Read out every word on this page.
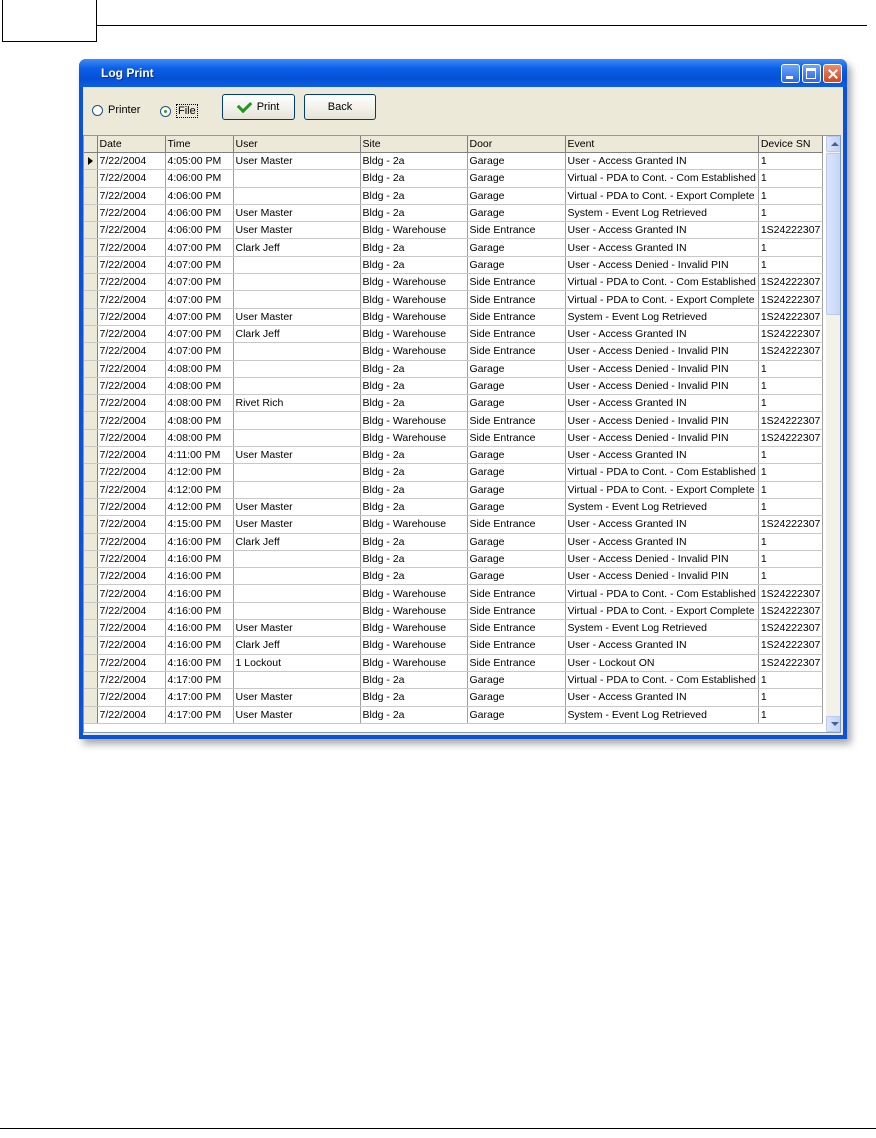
Log Print
Printer	File	Print	Back
	Date	Time	User	Site	Door	Event	Device SN

	7/22/2004	4:05:00 PM	User Master	Bldg - 2a	Garage	User - Access Granted IN	1
	7/22/2004	4:06:00 PM		Bldg - 2a	Garage	Virtual - PDA to Cont. - Com Established	1
	7/22/2004	4:06:00 PM		Bldg - 2a	Garage	Virtual - PDA to Cont. - Export Complete	1
	7/22/2004	4:06:00 PM	User Master	Bldg - 2a	Garage	System - Event Log Retrieved	1
	7/22/2004	4:06:00 PM	User Master	Bldg - Warehouse	Side Entrance	User - Access Granted IN	1S24222307
	7/22/2004	4:07:00 PM	Clark Jeff	Bldg - 2a	Garage	User - Access Granted IN	1
	7/22/2004	4:07:00 PM		Bldg - 2a	Garage	User - Access Denied - Invalid PIN	1
	7/22/2004	4:07:00 PM		Bldg - Warehouse	Side Entrance	Virtual - PDA to Cont. - Com Established	1S24222307
	7/22/2004	4:07:00 PM		Bldg - Warehouse	Side Entrance	Virtual - PDA to Cont. - Export Complete	1S24222307
	7/22/2004	4:07:00 PM	User Master	Bldg - Warehouse	Side Entrance	System - Event Log Retrieved	1S24222307
	7/22/2004	4:07:00 PM	Clark Jeff	Bldg - Warehouse	Side Entrance	User - Access Granted IN	1S24222307
	7/22/2004	4:07:00 PM		Bldg - Warehouse	Side Entrance	User - Access Denied - Invalid PIN	1S24222307
	7/22/2004	4:08:00 PM		Bldg - 2a	Garage	User - Access Denied - Invalid PIN	1
	7/22/2004	4:08:00 PM		Bldg - 2a	Garage	User - Access Denied - Invalid PIN	1
	7/22/2004	4:08:00 PM	Rivet Rich	Bldg - 2a	Garage	User - Access Granted IN	1
	7/22/2004	4:08:00 PM		Bldg - Warehouse	Side Entrance	User - Access Denied - Invalid PIN	1S24222307
	7/22/2004	4:08:00 PM		Bldg - Warehouse	Side Entrance	User - Access Denied - Invalid PIN	1S24222307
	7/22/2004	4:11:00 PM	User Master	Bldg - 2a	Garage	User - Access Granted IN	1
	7/22/2004	4:12:00 PM		Bldg - 2a	Garage	Virtual - PDA to Cont. - Com Established	1
	7/22/2004	4:12:00 PM		Bldg - 2a	Garage	Virtual - PDA to Cont. - Export Complete	1
	7/22/2004	4:12:00 PM	User Master	Bldg - 2a	Garage	System - Event Log Retrieved	1
	7/22/2004	4:15:00 PM	User Master	Bldg - Warehouse	Side Entrance	User - Access Granted IN	1S24222307
	7/22/2004	4:16:00 PM	Clark Jeff	Bldg - 2a	Garage	User - Access Granted IN	1
	7/22/2004	4:16:00 PM		Bldg - 2a	Garage	User - Access Denied - Invalid PIN	1
	7/22/2004	4:16:00 PM		Bldg - 2a	Garage	User - Access Denied - Invalid PIN	1
	7/22/2004	4:16:00 PM		Bldg - Warehouse	Side Entrance	Virtual - PDA to Cont. - Com Established	1S24222307
	7/22/2004	4:16:00 PM		Bldg - Warehouse	Side Entrance	Virtual - PDA to Cont. - Export Complete	1S24222307
	7/22/2004	4:16:00 PM	User Master	Bldg - Warehouse	Side Entrance	System - Event Log Retrieved	1S24222307
	7/22/2004	4:16:00 PM	Clark Jeff	Bldg - Warehouse	Side Entrance	User - Access Granted IN	1S24222307
	7/22/2004	4:16:00 PM	1 Lockout	Bldg - Warehouse	Side Entrance	User - Lockout ON	1S24222307
	7/22/2004	4:17:00 PM		Bldg - 2a	Garage	Virtual - PDA to Cont. - Com Established	1
	7/22/2004	4:17:00 PM	User Master	Bldg - 2a	Garage	User - Access Granted IN	1
	7/22/2004	4:17:00 PM	User Master	Bldg - 2a	Garage	System - Event Log Retrieved	1
